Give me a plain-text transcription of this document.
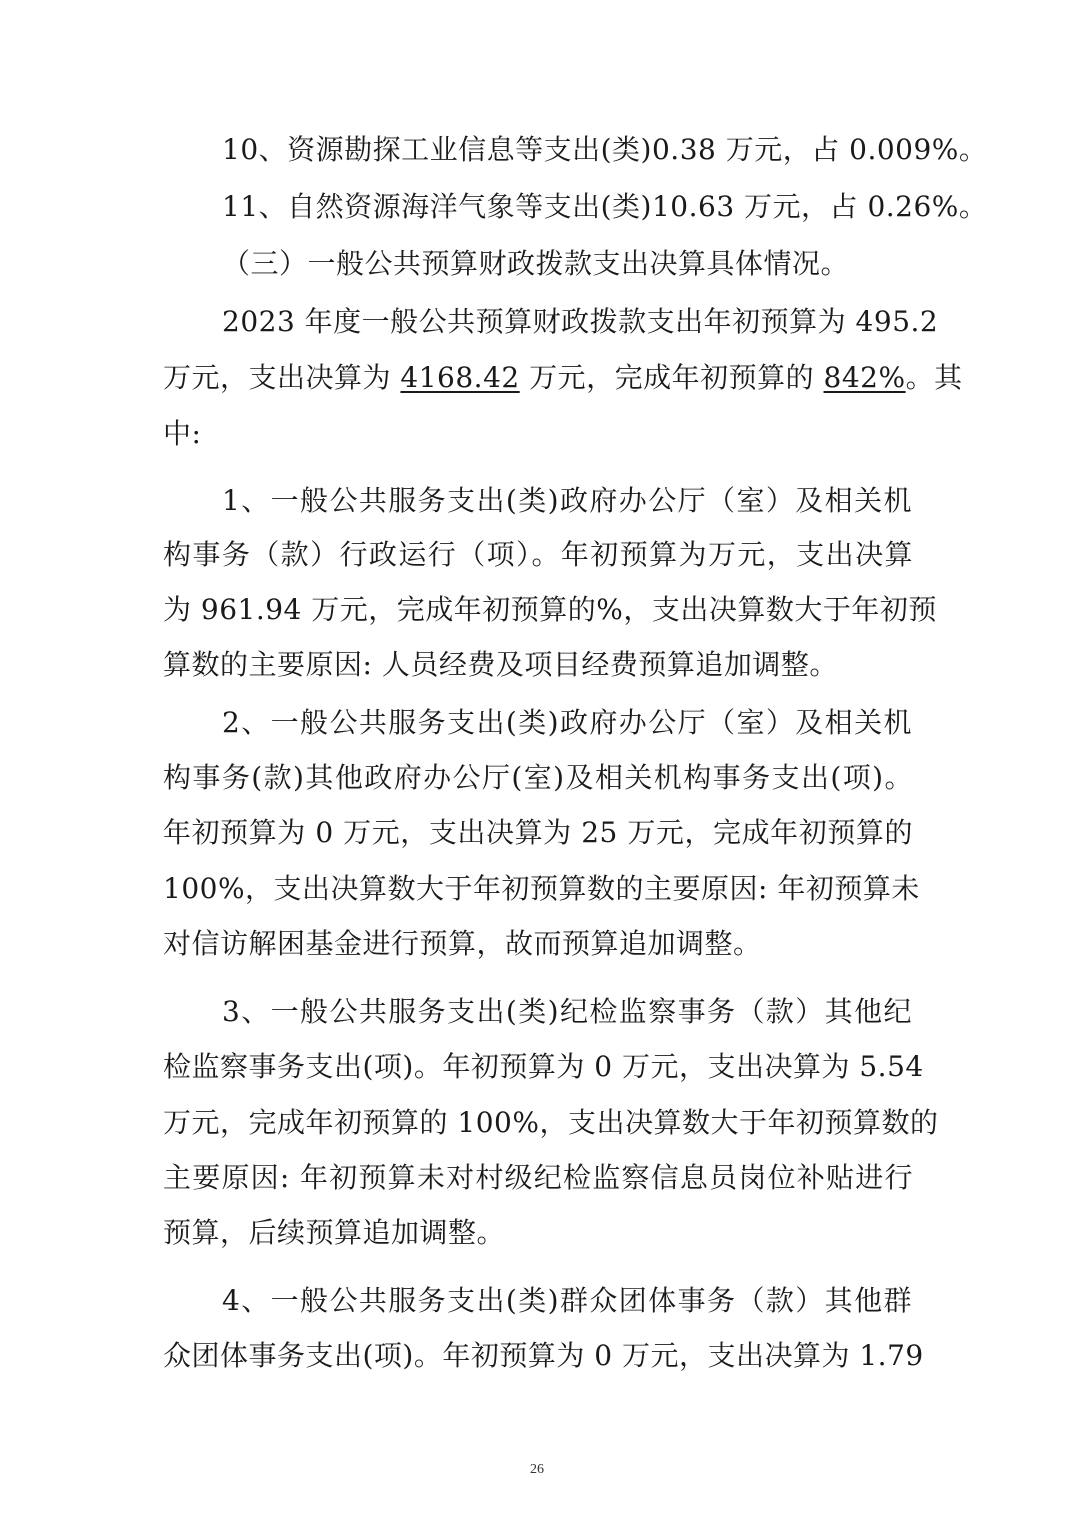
10、资源勘探工业信息等支出(类)0.38 万元，占 0.009%。
11、自然资源海洋气象等支出(类)10.63 万元，占 0.26%。
（三）一般公共预算财政拨款支出决算具体情况。
2023 年度一般公共预算财政拨款支出年初预算为 495.2
万元，支出决算为 4168.42 万元，完成年初预算的 842%。其
中:
1、一般公共服务支出(类)政府办公厅（室）及相关机
构事务（款）行政运行（项）。年初预算为万元，支出决算
为 961.94 万元，完成年初预算的%，支出决算数大于年初预
算数的主要原因: 人员经费及项目经费预算追加调整。
2、一般公共服务支出(类)政府办公厅（室）及相关机
构事务(款)其他政府办公厅(室)及相关机构事务支出(项)。
年初预算为 0 万元，支出决算为 25 万元，完成年初预算的
100%，支出决算数大于年初预算数的主要原因: 年初预算未
对信访解困基金进行预算，故而预算追加调整。
3、一般公共服务支出(类)纪检监察事务（款）其他纪
检监察事务支出(项)。年初预算为 0 万元，支出决算为 5.54
万元，完成年初预算的 100%，支出决算数大于年初预算数的
主要原因: 年初预算未对村级纪检监察信息员岗位补贴进行
预算，后续预算追加调整。
4、一般公共服务支出(类)群众团体事务（款）其他群
众团体事务支出(项)。年初预算为 0 万元，支出决算为 1.79
26
